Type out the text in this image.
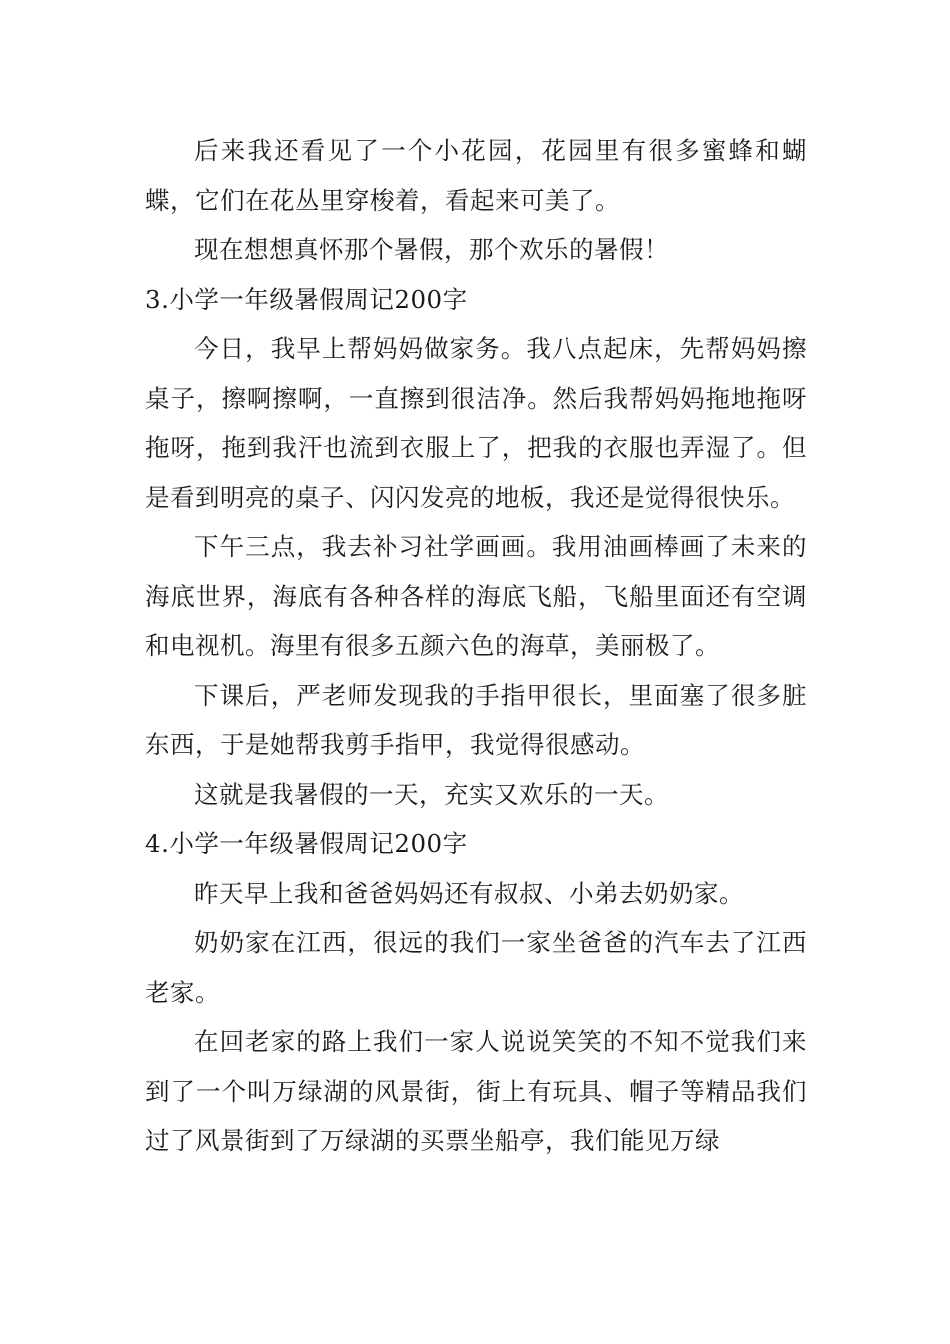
后来我还看见了一个小花园，花园里有很多蜜蜂和蝴蝶，它们在花丛里穿梭着，看起来可美了。

现在想想真怀那个暑假，那个欢乐的暑假！

3.小学一年级暑假周记200字

今日，我早上帮妈妈做家务。我八点起床，先帮妈妈擦桌子，擦啊擦啊，一直擦到很洁净。然后我帮妈妈拖地拖呀拖呀，拖到我汗也流到衣服上了，把我的衣服也弄湿了。但是看到明亮的桌子、闪闪发亮的地板，我还是觉得很快乐。

下午三点，我去补习社学画画。我用油画棒画了未来的海底世界，海底有各种各样的海底飞船，飞船里面还有空调和电视机。海里有很多五颜六色的海草，美丽极了。

下课后，严老师发现我的手指甲很长，里面塞了很多脏东西，于是她帮我剪手指甲，我觉得很感动。

这就是我暑假的一天，充实又欢乐的一天。

4.小学一年级暑假周记200字

昨天早上我和爸爸妈妈还有叔叔、小弟去奶奶家。

奶奶家在江西，很远的我们一家坐爸爸的汽车去了江西老家。

在回老家的路上我们一家人说说笑笑的不知不觉我们来到了一个叫万绿湖的风景街，街上有玩具、帽子等精品我们过了风景街到了万绿湖的买票坐船亭，我们能见万绿
